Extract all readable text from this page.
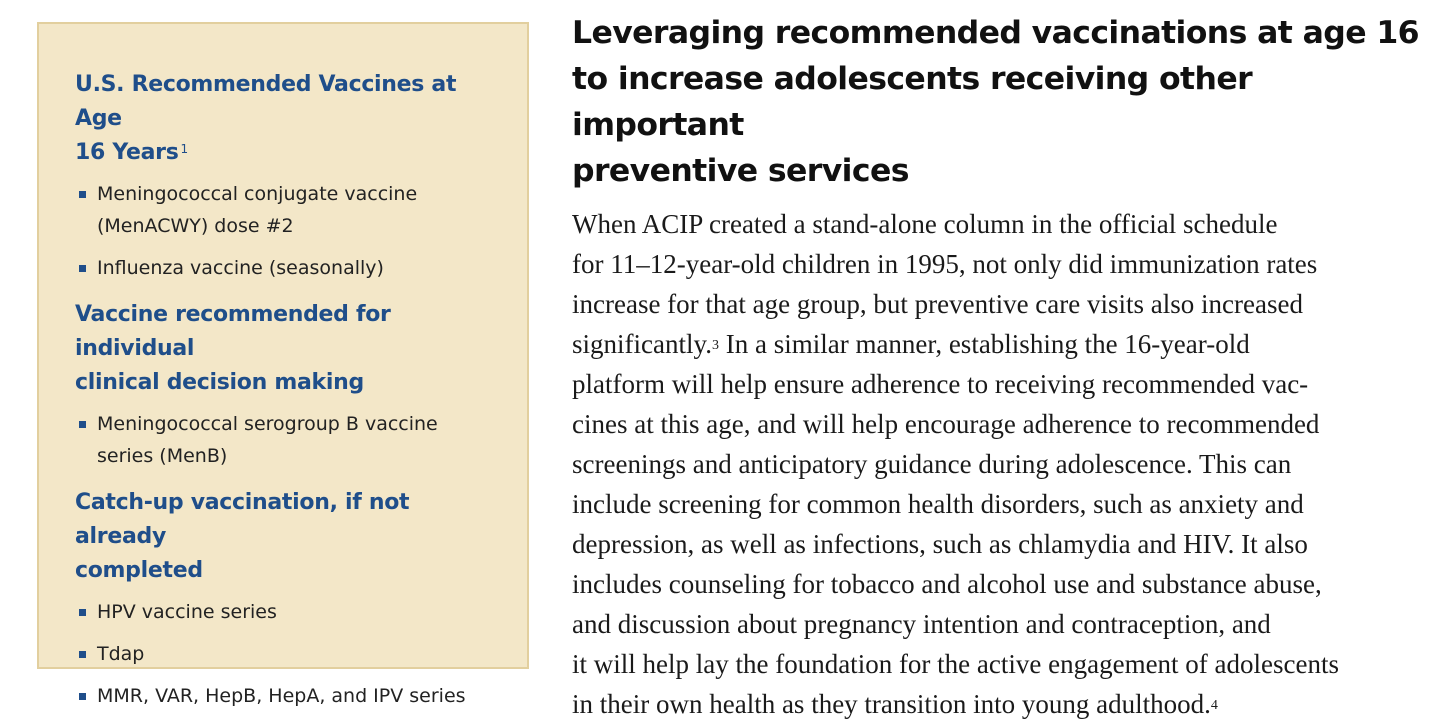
U.S. Recommended Vaccines at Age
16 Years $^1$
Meningococcal conjugate vaccine
(MenACWY) dose #2
Influenza vaccine (seasonally)
Vaccine recommended for individual
clinical decision making
Meningococcal serogroup B vaccine
series (MenB)
Catch-up vaccination, if not already
completed
HPV vaccine series
Tdap
MMR, VAR, HepB, HepA, and IPV series
Leveraging recommended vaccinations at age 16
to increase adolescents receiving other important
preventive services

When ACIP created a stand-alone column in the official schedule
for 11–12-year-old children in 1995, not only did immunization rates
increase for that age group, but preventive care visits also increased
significantly.$^3$ In a similar manner, establishing the 16-year-old
platform will help ensure adherence to receiving recommended vac-
cines at this age, and will help encourage adherence to recommended
screenings and anticipatory guidance during adolescence. This can
include screening for common health disorders, such as anxiety and
depression, as well as infections, such as chlamydia and HIV. It also
includes counseling for tobacco and alcohol use and substance abuse,
and discussion about pregnancy intention and contraception, and
it will help lay the foundation for the active engagement of adolescents
in their own health as they transition into young adulthood.$^4$
